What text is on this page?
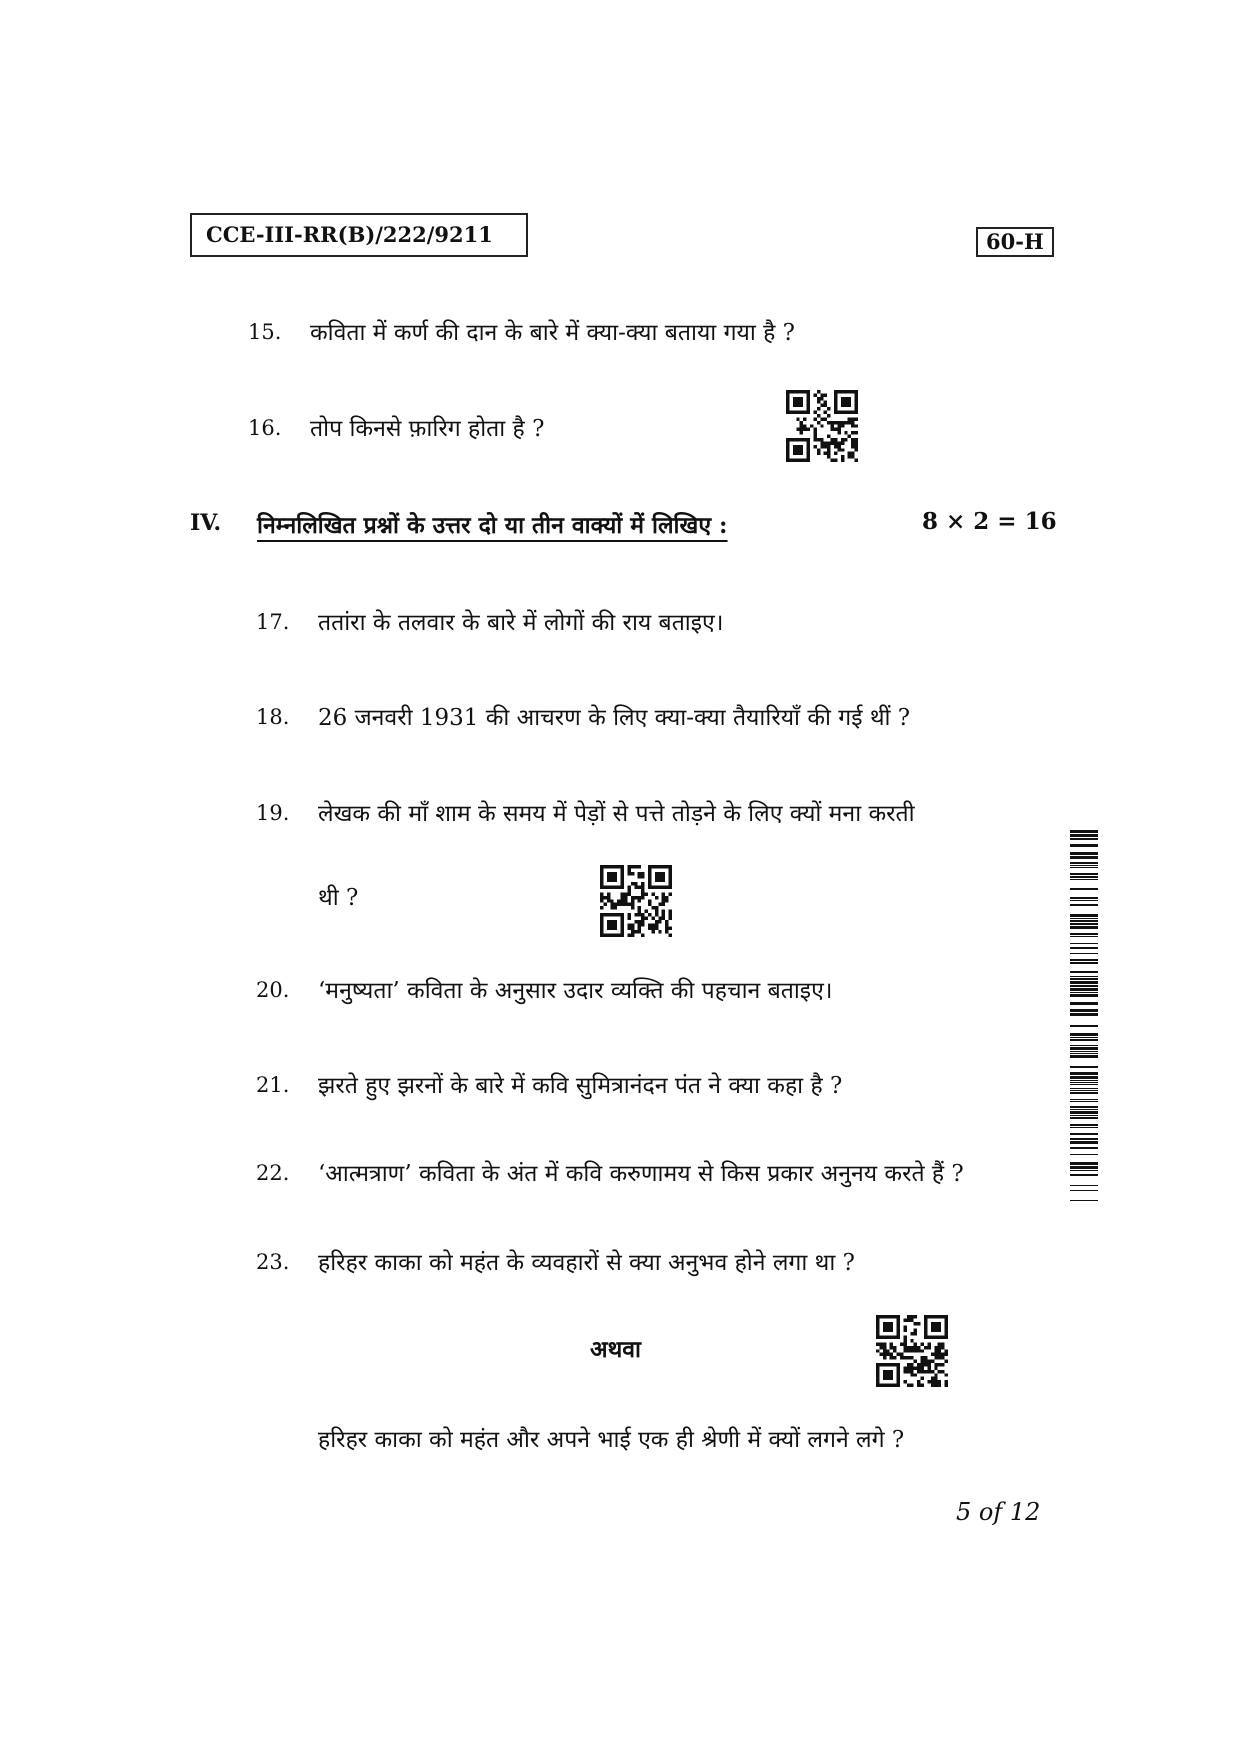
CCE-III-RR(B)/222/9211	60-H
15. कविता में कर्ण की दान के बारे में क्या-क्या बताया गया है ?
16. तोप किनसे फ़ारिग होता है ?
IV. निम्नलिखित प्रश्नों के उत्तर दो या तीन वाक्यों में लिखिए :	8 × 2 = 16
17. ततांरा के तलवार के बारे में लोगों की राय बताइए।
18. 26 जनवरी 1931 की आचरण के लिए क्या-क्या तैयारियाँ की गई थीं ?
19. लेखक की माँ शाम के समय में पेड़ों से पत्ते तोड़ने के लिए क्यों मना करती
थी ?
20. ‘मनुष्यता’ कविता के अनुसार उदार व्यक्ति की पहचान बताइए।
21. झरते हुए झरनों के बारे में कवि सुमित्रानंदन पंत ने क्या कहा है ?
22. ‘आत्मत्राण’ कविता के अंत में कवि करुणामय से किस प्रकार अनुनय करते हैं ?
23. हरिहर काका को महंत के व्यवहारों से क्या अनुभव होने लगा था ?
अथवा
हरिहर काका को महंत और अपने भाई एक ही श्रेणी में क्यों लगने लगे ?
5 of 12
